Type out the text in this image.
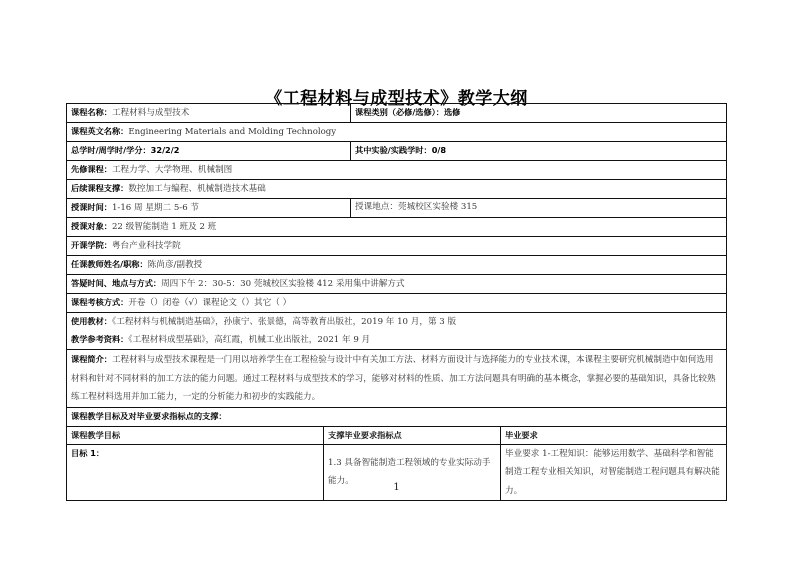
《工程材料与成型技术》教学大纲
课程名称：工程材料与成型技术		课程类别（必修/选修）：选修	
课程英文名称：Engineering Materials and Molding Technology			
总学时/周学时/学分：32/2/2		其中实验/实践学时：0/8	
先修课程：工程力学、大学物理、机械制图			
后续课程支撑：数控加工与编程、机械制造技术基础			
授课时间：1-16 周 星期二 5-6 节		授课地点：莞城校区实验楼 315	
授课对象：22 级智能制造 1 班及 2 班			
开课学院：粤台产业科技学院			
任课教师姓名/职称：陈尚彦/副教授			
答疑时间、地点与方式：周四下午 2：30-5：30 莞城校区实验楼 412 采用集中讲解方式			
课程考核方式：开卷（）闭卷（√）课程论文（）其它（ ）			

使用教材：《工程材料与机械制造基础》，孙康宁、张景德，高等教育出版社，2019 年 10 月，第 3 版
教学参考资料：《工程材料成型基础》，高红霞，机械工业出版社，2021 年 9 月			

课程简介：工程材料与成型技术课程是一门用以培养学生在工程检验与设计中有关加工方法、材料方面设计与选择能力的专业技术课，本课程主要研究机械制造中如何选用材料和针对不同材料的加工方法的能力问题。通过工程材料与成型技术的学习，能够对材料的性质、加工方法问题具有明确的基本概念，掌握必要的基础知识，具备比较熟练工程材料选用并加工能力，一定的分析能力和初步的实践能力。			
课程教学目标及对毕业要求指标点的支撑：			
课程教学目标	支撑毕业要求指标点		毕业要求
目标 1：	1.3 具备智能制造工程领域的专业实际动手能力。		毕业要求 1-工程知识：能够运用数学、基础科学和智能制造工程专业相关知识，对智能制造工程问题具有解决能力。
1
